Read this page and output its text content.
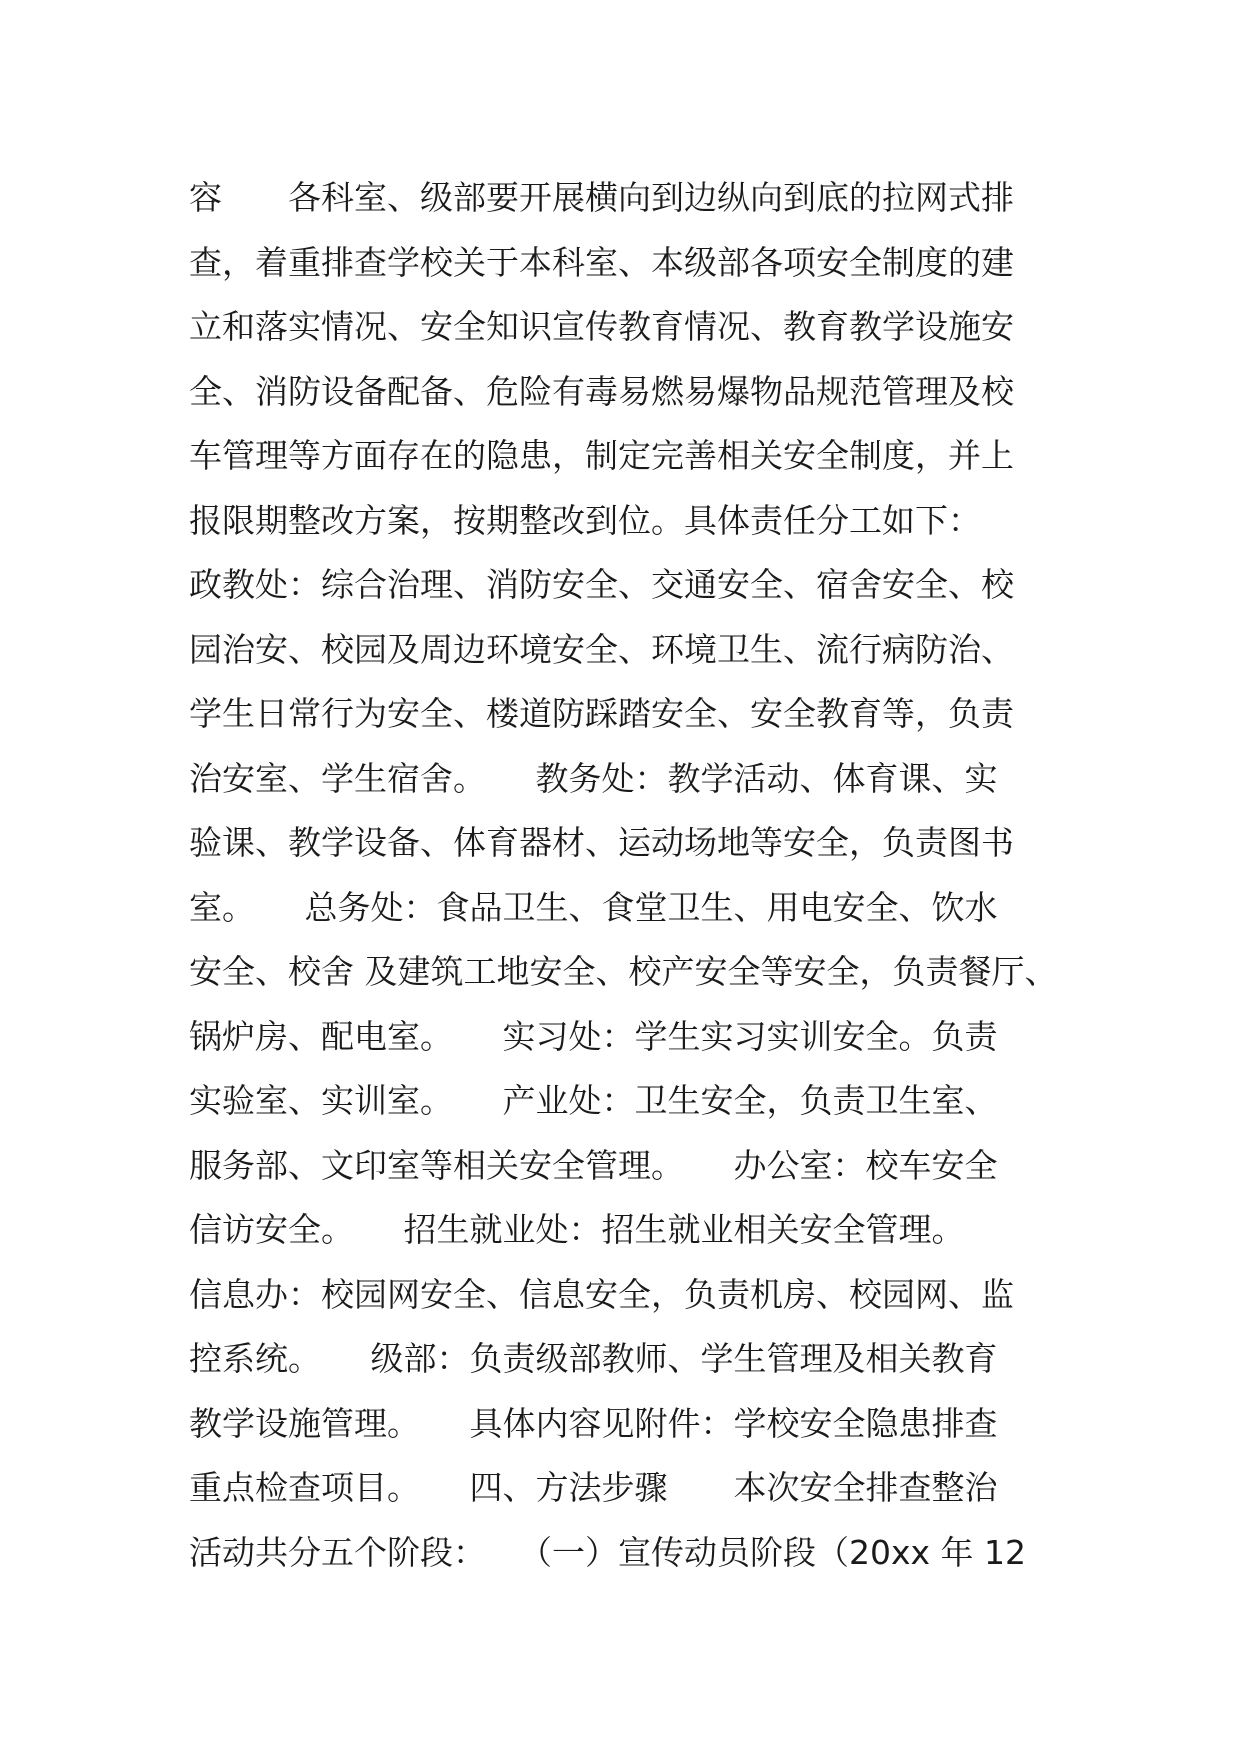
容　　各科室、级部要开展横向到边纵向到底的拉网式排
查，着重排查学校关于本科室、本级部各项安全制度的建
立和落实情况、安全知识宣传教育情况、教育教学设施安
全、消防设备配备、危险有毒易燃易爆物品规范管理及校
车管理等方面存在的隐患，制定完善相关安全制度，并上
报限期整改方案，按期整改到位。具体责任分工如下：
政教处：综合治理、消防安全、交通安全、宿舍安全、校
园治安、校园及周边环境安全、环境卫生、流行病防治、
学生日常行为安全、楼道防踩踏安全、安全教育等，负责
治安室、学生宿舍。　　教务处：教学活动、体育课、实
验课、教学设备、体育器材、运动场地等安全，负责图书
室。　　总务处：食品卫生、食堂卫生、用电安全、饮水
安全、校舍 及建筑工地安全、校产安全等安全，负责餐厅、
锅炉房、配电室。　　实习处：学生实习实训安全。负责
实验室、实训室。　　产业处：卫生安全，负责卫生室、
服务部、文印室等相关安全管理。　　办公室：校车安全
信访安全。　　招生就业处：招生就业相关安全管理。
信息办：校园网安全、信息安全，负责机房、校园网、监
控系统。　　级部：负责级部教师、学生管理及相关教育
教学设施管理。　　具体内容见附件：学校安全隐患排查
重点检查项目。　　四、方法步骤　　本次安全排查整治
活动共分五个阶段：　　（一）宣传动员阶段（20xx 年 12
